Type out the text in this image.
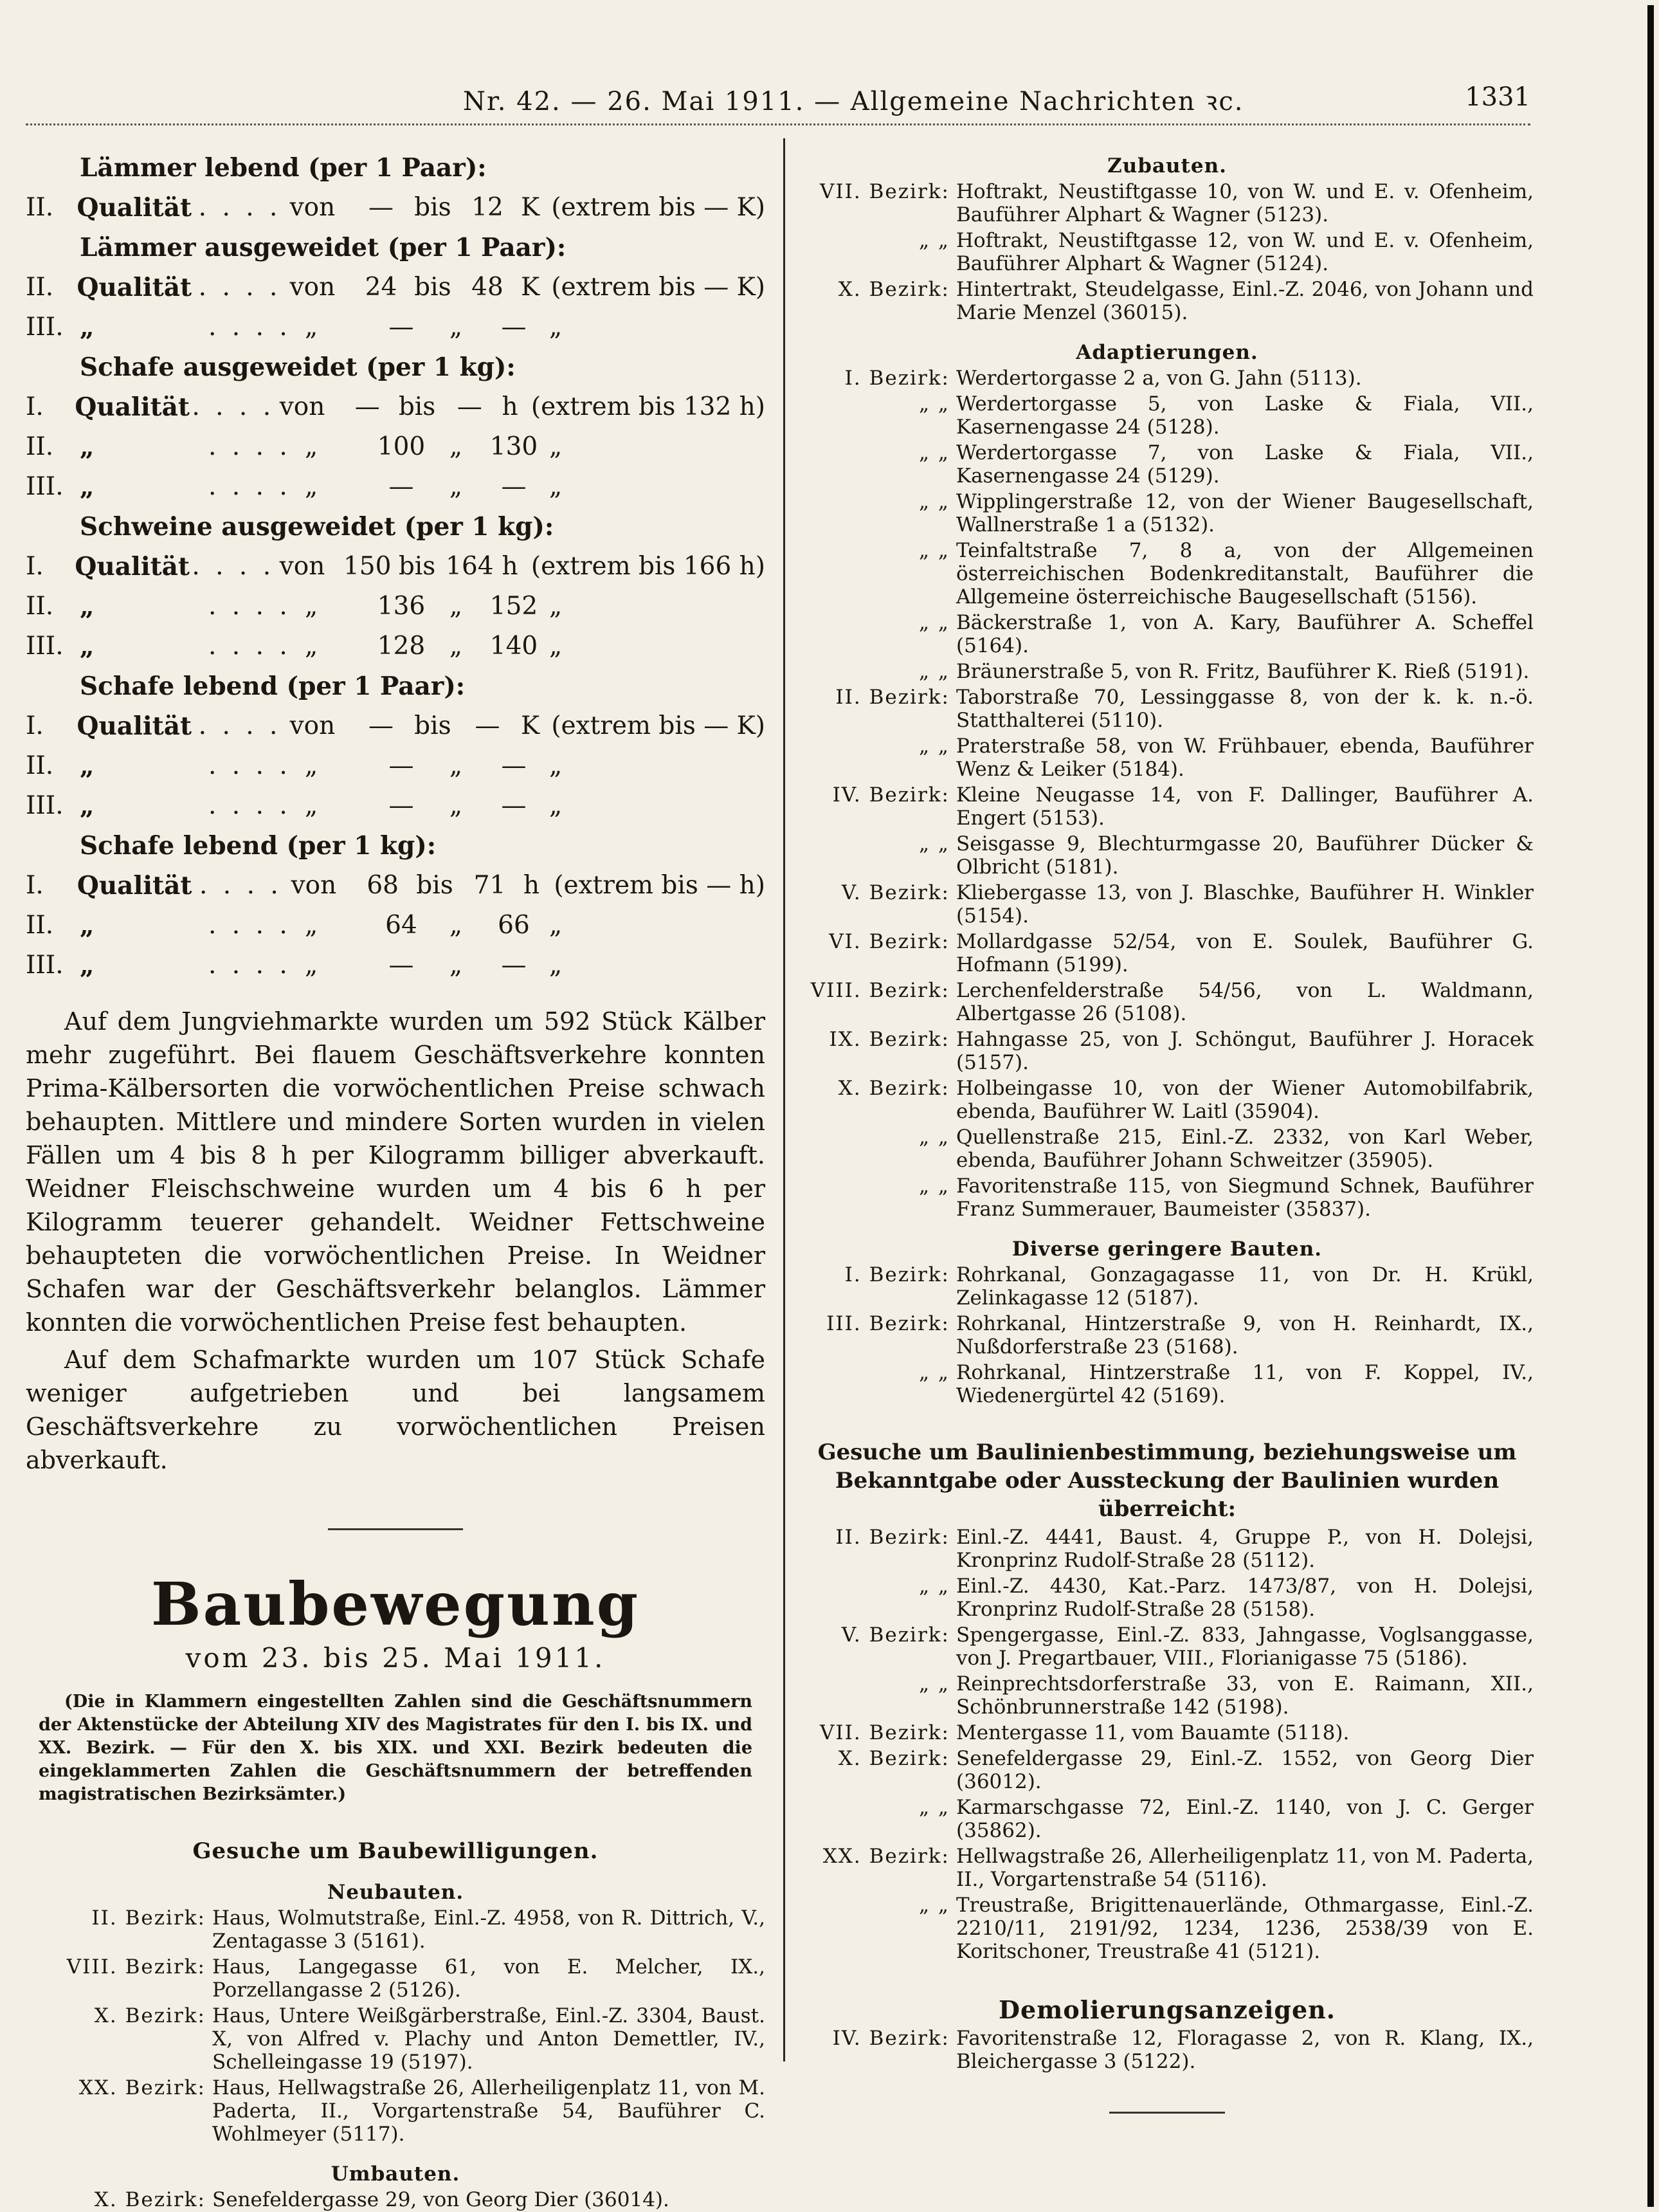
Nr. 42. — 26. Mai 1911. — Allgemeine Nachrichten ꝛc.	1331
Lämmer lebend (per 1 Paar):
II. Qualität . . . . von	— bis 12 K (extrem bis — K)
Lämmer ausgeweidet (per 1 Paar):
II. Qualität . . . . von	24 bis 48 K (extrem bis — K)
III. „	. . . . „	—	„	— „
Schafe ausgeweidet (per 1 kg):
I.	Qualität . . . . von	— bis — h (extrem bis 132 h)
II.	„	. . . . „	100 „	130 „
III. „	. . . . „	—	„	— „
Schweine ausgeweidet (per 1 kg):
I.	Qualität . . . . von 150 bis 164 h (extrem bis 166 h)
II.	„	. . . . „	136 „	152 „
III. „	. . . . „	128 „	140 „
Schafe lebend (per 1 Paar):
I.	Qualität . . . . von	— bis — K (extrem bis — K)
II.	„	. . . . „	—	„	— „
III. „	. . . . „	—	„	— „
Schafe lebend (per 1 kg):
I.	Qualität . . . . von	68 bis 71 h (extrem bis — h)
II.	„	. . . . „	64	„	66 „
III. „	. . . . „	—	„	— „

Auf dem Jungviehmarkte wurden um 592 Stück Kälber mehr zugeführt. Bei flauem Geschäftsverkehre konnten Prima-Kälbersorten die vorwöchentlichen Preise schwach behaupten. Mittlere und mindere Sorten wurden in vielen Fällen um 4 bis 8 h per Kilogramm billiger abverkauft. Weidner Fleischschweine wurden um 4 bis 6 h per Kilogramm teuerer gehandelt. Weidner Fettschweine behaupteten die vorwöchentlichen Preise. In Weidner Schafen war der Geschäftsverkehr belanglos. Lämmer konnten die vorwöchentlichen Preise fest behaupten.

Auf dem Schafmarkte wurden um 107 Stück Schafe weniger aufgetrieben und bei langsamem Geschäftsverkehre zu vorwöchentlichen Preisen abverkauft.

Baubewegung
vom 23. bis 25. Mai 1911.
(Die in Klammern eingestellten Zahlen sind die Geschäftsnummern der Aktenstücke der Abteilung XIV des Magistrates für den I. bis IX. und XX. Bezirk. — Für den X. bis XIX. und XXI. Bezirk bedeuten die eingeklammerten Zahlen die Geschäftsnummern der betreffenden magistratischen Bezirksämter.)
Gesuche um Baubewilligungen.
Neubauten.
II. Bezirk: Haus, Wolmutstraße, Einl.-Z. 4958, von R. Dittrich, V., Zentagasse 3 (5161).
VIII. Bezirk: Haus, Langegasse 61, von E. Melcher, IX., Porzellangasse 2 (5126).
X. Bezirk: Haus, Untere Weißgärberstraße, Einl.-Z. 3304, Baust. X, von Alfred v. Plachy und Anton Demettler, IV., Schelleingasse 19 (5197).
XX. Bezirk: Haus, Hellwagstraße 26, Allerheiligenplatz 11, von M. Paderta, II., Vorgartenstraße 54, Bauführer C. Wohlmeyer (5117).
Umbauten.
X. Bezirk: Senefeldergasse 29, von Georg Dier (36014).
Zubauten.
VII. Bezirk: Hoftrakt, Neustiftgasse 10, von W. und E. v. Ofenheim, Bauführer Alphart & Wagner (5123).
„ „ Hoftrakt, Neustiftgasse 12, von W. und E. v. Ofenheim, Bauführer Alphart & Wagner (5124).
X. Bezirk: Hintertrakt, Steudelgasse, Einl.-Z. 2046, von Johann und Marie Menzel (36015).
Adaptierungen.
I. Bezirk: Werdertorgasse 2 a, von G. Jahn (5113).
„ „ Werdertorgasse 5, von Laske & Fiala, VII., Kasernengasse 24 (5128).
„ „ Werdertorgasse 7, von Laske & Fiala, VII., Kasernengasse 24 (5129).
„ „ Wipplingerstraße 12, von der Wiener Baugesellschaft, Wallnerstraße 1 a (5132).
„ „ Teinfaltstraße 7, 8 a, von der Allgemeinen österreichischen Bodenkreditanstalt, Bauführer die Allgemeine österreichische Baugesellschaft (5156).
„ „ Bäckerstraße 1, von A. Kary, Bauführer A. Scheffel (5164).
„ „ Bräunerstraße 5, von R. Fritz, Bauführer K. Rieß (5191).
II. Bezirk: Taborstraße 70, Lessinggasse 8, von der k. k. n.-ö. Statthalterei (5110).
„ „ Praterstraße 58, von W. Frühbauer, ebenda, Bauführer Wenz & Leiker (5184).
IV. Bezirk: Kleine Neugasse 14, von F. Dallinger, Bauführer A. Engert (5153).
„ „ Seisgasse 9, Blechturmgasse 20, Bauführer Dücker & Olbricht (5181).
V. Bezirk: Kliebergasse 13, von J. Blaschke, Bauführer H. Winkler (5154).
VI. Bezirk: Mollardgasse 52/54, von E. Soulek, Bauführer G. Hofmann (5199).
VIII. Bezirk: Lerchenfelderstraße 54/56, von L. Waldmann, Albertgasse 26 (5108).
IX. Bezirk: Hahngasse 25, von J. Schöngut, Bauführer J. Horacek (5157).
X. Bezirk: Holbeingasse 10, von der Wiener Automobilfabrik, ebenda, Bauführer W. Laitl (35904).
„ „ Quellenstraße 215, Einl.-Z. 2332, von Karl Weber, ebenda, Bauführer Johann Schweitzer (35905).
„ „ Favoritenstraße 115, von Siegmund Schnek, Bauführer Franz Summerauer, Baumeister (35837).
Diverse geringere Bauten.
I. Bezirk: Rohrkanal, Gonzagagasse 11, von Dr. H. Krükl, Zelinkagasse 12 (5187).
III. Bezirk: Rohrkanal, Hintzerstraße 9, von H. Reinhardt, IX., Nußdorferstraße 23 (5168).
„ „ Rohrkanal, Hintzerstraße 11, von F. Koppel, IV., Wiedenergürtel 42 (5169).
Gesuche um Baulinienbestimmung, beziehungsweise um Bekanntgabe oder Aussteckung der Baulinien wurden überreicht:
II. Bezirk: Einl.-Z. 4441, Baust. 4, Gruppe P., von H. Dolejsi, Kronprinz Rudolf-Straße 28 (5112).
„ „ Einl.-Z. 4430, Kat.-Parz. 1473/87, von H. Dolejsi, Kronprinz Rudolf-Straße 28 (5158).
V. Bezirk: Spengergasse, Einl.-Z. 833, Jahngasse, Voglsanggasse, von J. Pregartbauer, VIII., Florianigasse 75 (5186).
„ „ Reinprechtsdorferstraße 33, von E. Raimann, XII., Schönbrunnerstraße 142 (5198).
VII. Bezirk: Mentergasse 11, vom Bauamte (5118).
X. Bezirk: Senefeldergasse 29, Einl.-Z. 1552, von Georg Dier (36012).
„ „ Karmarschgasse 72, Einl.-Z. 1140, von J. C. Gerger (35862).
XX. Bezirk: Hellwagstraße 26, Allerheiligenplatz 11, von M. Paderta, II., Vorgartenstraße 54 (5116).
„ „ Treustraße, Brigittenauerlände, Othmargasse, Einl.-Z. 2210/11, 2191/92, 1234, 1236, 2538/39 von E. Koritschoner, Treustraße 41 (5121).
Demolierungsanzeigen.
IV. Bezirk: Favoritenstraße 12, Floragasse 2, von R. Klang, IX., Bleichergasse 3 (5122).
